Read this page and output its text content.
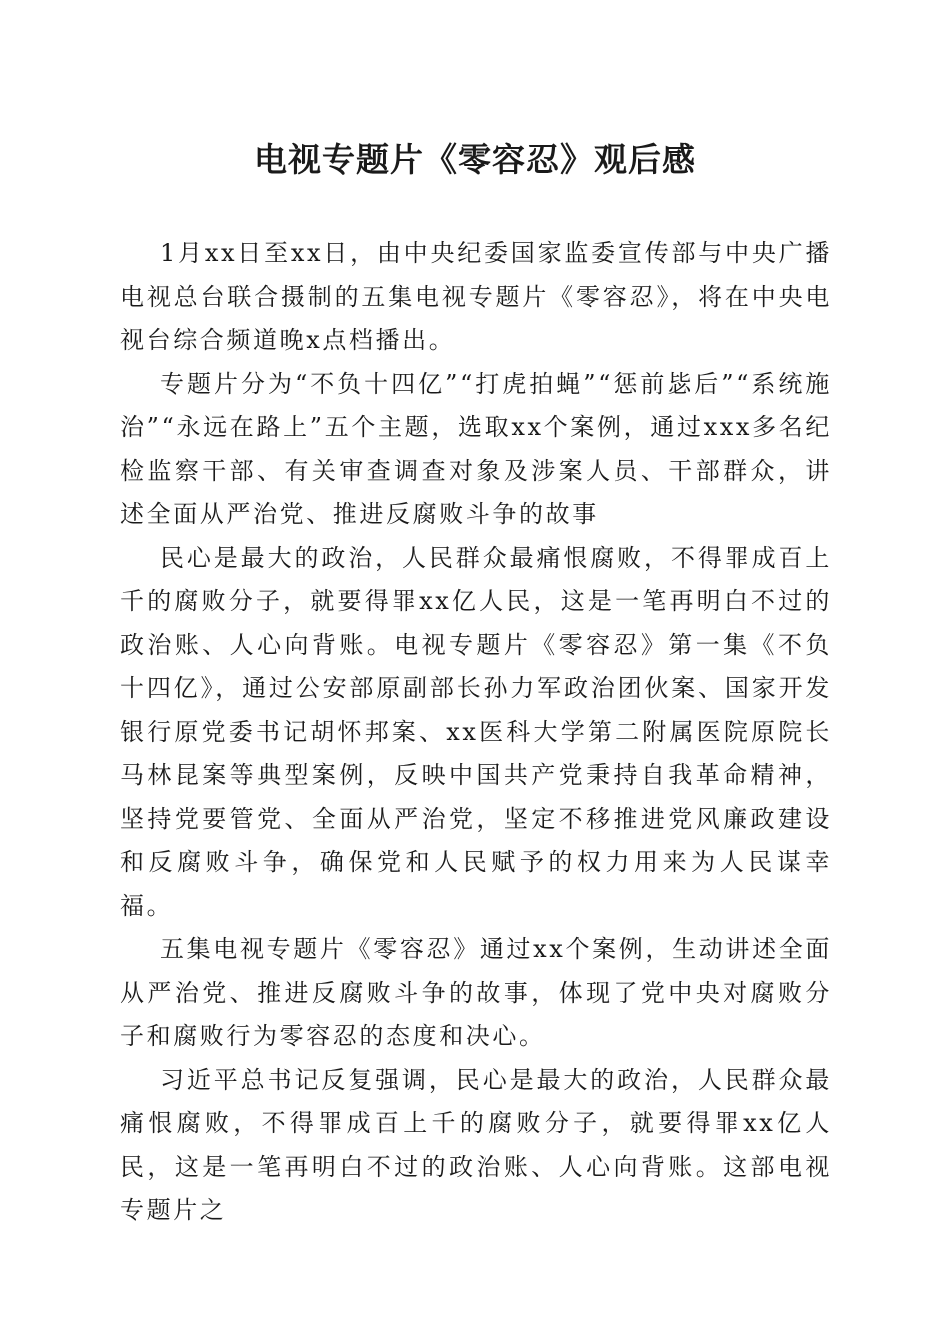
电视专题片《零容忍》观后感

1月xx日至xx日，由中央纪委国家监委宣传部与中央广播电视总台联合摄制的五集电视专题片《零容忍》，将在中央电视台综合频道晚x点档播出。

专题片分为“不负十四亿”“打虎拍蝇”“惩前毖后”“系统施治”“永远在路上”五个主题，选取xx个案例，通过xxx多名纪检监察干部、有关审查调查对象及涉案人员、干部群众，讲述全面从严治党、推进反腐败斗争的故事

民心是最大的政治，人民群众最痛恨腐败，不得罪成百上千的腐败分子，就要得罪xx亿人民，这是一笔再明白不过的政治账、人心向背账。电视专题片《零容忍》第一集《不负十四亿》，通过公安部原副部长孙力军政治团伙案、国家开发银行原党委书记胡怀邦案、xx医科大学第二附属医院原院长马林昆案等典型案例，反映中国共产党秉持自我革命精神，坚持党要管党、全面从严治党，坚定不移推进党风廉政建设和反腐败斗争，确保党和人民赋予的权力用来为人民谋幸福。

五集电视专题片《零容忍》通过xx个案例，生动讲述全面从严治党、推进反腐败斗争的故事，体现了党中央对腐败分子和腐败行为零容忍的态度和决心。

习近平总书记反复强调，民心是最大的政治，人民群众最痛恨腐败，不得罪成百上千的腐败分子，就要得罪xx亿人民，这是一笔再明白不过的政治账、人心向背账。这部电视专题片之
